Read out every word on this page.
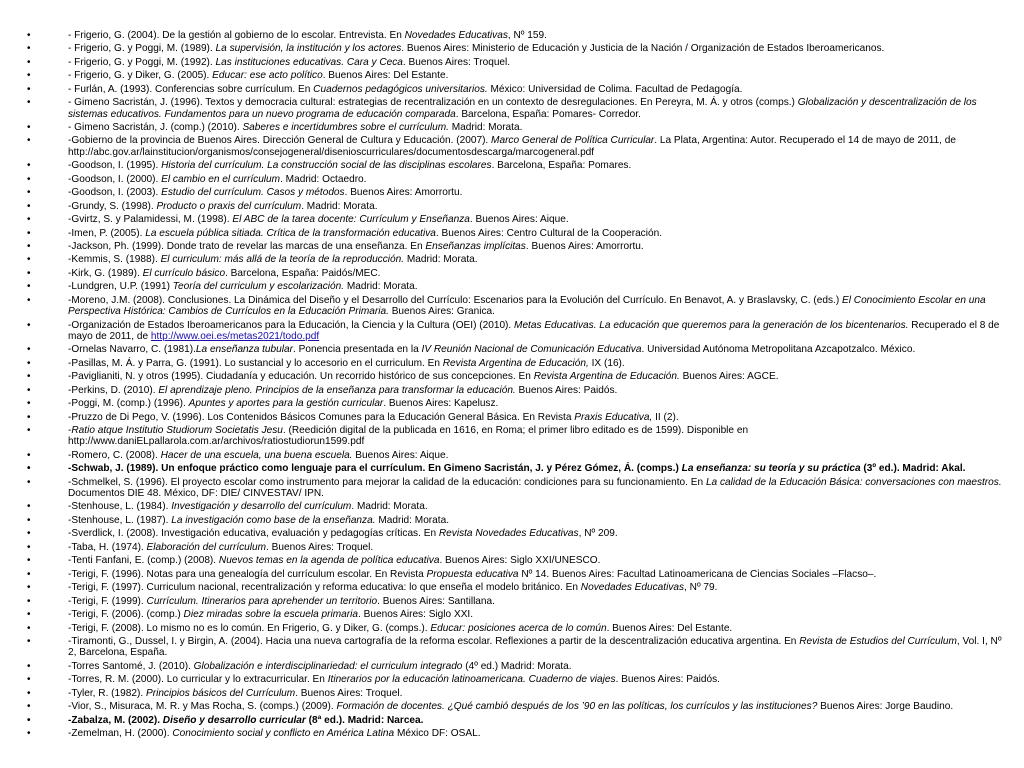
•	- Frigerio, G. (2004). De la gestión al gobierno de lo escolar. Entrevista. En Novedades Educativas, Nº 159.
•	- Frigerio, G. y Poggi, M. (1989). La supervisión, la institución y los actores. Buenos Aires: Ministerio de Educación y Justicia de la Nación / Organización de Estados Iberoamericanos.
•	- Frigerio, G. y Poggi, M. (1992). Las instituciones educativas. Cara y Ceca. Buenos Aires: Troquel.
•	- Frigerio, G. y Diker, G. (2005). Educar: ese acto político. Buenos Aires: Del Estante.
•	- Furlán, A. (1993). Conferencias sobre currículum. En Cuadernos pedagógicos universitarios. México: Universidad de Colima. Facultad de Pedagogía.
•	- Gimeno Sacristán, J. (1996). Textos y democracia cultural: estrategias de recentralización en un contexto de desregulaciones. En Pereyra, M. Á. y otros (comps.) Globalización y descentralización de los sistemas educativos. Fundamentos para un nuevo programa de educación comparada. Barcelona, España: Pomares- Corredor.
•	- Gimeno Sacristán, J. (comp.) (2010). Saberes e incertidumbres sobre el currículum. Madrid: Morata.
•	-Gobierno de la provincia de Buenos Aires. Dirección General de Cultura y Educación. (2007). Marco General de Política Curricular. La Plata, Argentina: Autor. Recuperado el 14 de mayo de 2011, de http://abc.gov.ar/lainstitucion/organismos/consejogeneral/disenioscurriculares/documentosdescarga/marcogeneral.pdf
•	-Goodson, I. (1995). Historia del currículum. La construcción social de las disciplinas escolares. Barcelona, España: Pomares.
•	-Goodson, I. (2000). El cambio en el currículum. Madrid: Octaedro.
•	-Goodson, I. (2003). Estudio del currículum. Casos y métodos. Buenos Aires: Amorrortu.
•	-Grundy, S. (1998). Producto o praxis del currículum. Madrid: Morata.
•	-Gvirtz, S. y Palamidessi, M. (1998). El ABC de la tarea docente: Currículum y Enseñanza. Buenos Aires: Aique.
•	-Imen, P. (2005). La escuela pública sitiada. Crítica de la transformación educativa. Buenos Aires: Centro Cultural de la Cooperación.
•	-Jackson, Ph. (1999). Donde trato de revelar las marcas de una enseñanza. En Enseñanzas implícitas. Buenos Aires: Amorrortu.
•	-Kemmis, S. (1988). El curriculum: más allá de la teoría de la reproducción. Madrid: Morata.
•	-Kirk, G. (1989). El currículo básico. Barcelona, España: Paidós/MEC.
•	-Lundgren, U.P. (1991) Teoría del curriculum y escolarización. Madrid: Morata.
•	-Moreno, J.M. (2008). Conclusiones. La Dinámica del Diseño y el Desarrollo del Currículo: Escenarios para la Evolución del Currículo. En Benavot, A. y Braslavsky, C. (eds.) El Conocimiento Escolar en una Perspectiva Histórica: Cambios de Currículos en la Educación Primaria. Buenos Aires: Granica.
•	-Organización de Estados Iberoamericanos para la Educación, la Ciencia y la Cultura (OEI) (2010). Metas Educativas. La educación que queremos para la generación de los bicentenarios. Recuperado el 8 de mayo de 2011, de http://www.oei.es/metas2021/todo.pdf
•	-Ornelas Navarro, C. (1981).La enseñanza tubular. Ponencia presentada en la IV Reunión Nacional de Comunicación Educativa. Universidad Autónoma Metropolitana Azcapotzalco. México.
•	-Pasillas, M. Á. y Parra, G. (1991). Lo sustancial y lo accesorio en el curriculum. En Revista Argentina de Educación, IX (16).
•	-Paviglianiti, N. y otros (1995). Ciudadanía y educación. Un recorrido histórico de sus concepciones. En Revista Argentina de Educación. Buenos Aires: AGCE.
•	-Perkins, D. (2010). El aprendizaje pleno. Principios de la enseñanza para transformar la educación. Buenos Aires: Paidós.
•	-Poggi, M. (comp.) (1996). Apuntes y aportes para la gestión curricular. Buenos Aires: Kapelusz.
•	-Pruzzo de Di Pego, V. (1996). Los Contenidos Básicos Comunes para la Educación General Básica. En Revista Praxis Educativa, II (2).
•	-Ratio atque Institutio Studiorum Societatis Jesu. (Reedición digital de la publicada en 1616, en Roma; el primer libro editado es de 1599). Disponible en http://www.daniELpallarola.com.ar/archivos/ratiostudiorun1599.pdf
•	-Romero, C. (2008). Hacer de una escuela, una buena escuela. Buenos Aires: Aique.
•	-Schwab, J. (1989). Un enfoque práctico como lenguaje para el currículum. En Gimeno Sacristán, J. y Pérez Gómez, Á. (comps.) La enseñanza: su teoría y su práctica (3º ed.). Madrid: Akal.
•	-Schmelkel, S. (1996). El proyecto escolar como instrumento para mejorar la calidad de la educación: condiciones para su funcionamiento. En La calidad de la Educación Básica: conversaciones con maestros. Documentos DIE 48. México, DF: DIE/ CINVESTAV/ IPN.
•	-Stenhouse, L. (1984). Investigación y desarrollo del currículum. Madrid: Morata.
•	-Stenhouse, L. (1987). La investigación como base de la enseñanza. Madrid: Morata.
•	-Sverdlick, I. (2008). Investigación educativa, evaluación y pedagogías críticas. En Revista Novedades Educativas, Nº 209.
•	-Taba, H. (1974). Elaboración del currículum. Buenos Aires: Troquel.
•	-Tenti Fanfani, E. (comp.) (2008). Nuevos temas en la agenda de política educativa. Buenos Aires: Siglo XXI/UNESCO.
•	-Terigi, F. (1996). Notas para una genealogía del currículum escolar. En Revista Propuesta educativa Nº 14. Buenos Aires: Facultad Latinoamericana de Ciencias Sociales –Flacso–.
•	-Terigi, F. (1997). Curriculum nacional, recentralización y reforma educativa: lo que enseña el modelo británico. En Novedades Educativas, Nº 79.
•	-Terigi, F. (1999). Currículum. Itinerarios para aprehender un territorio. Buenos Aires: Santillana.
•	-Terigi, F. (2006). (comp.) Diez miradas sobre la escuela primaria. Buenos Aires: Siglo XXI.
•	-Terigi, F. (2008). Lo mismo no es lo común. En Frigerio, G. y Diker, G. (comps.). Educar: posiciones acerca de lo común. Buenos Aires: Del Estante.
•	-Tiramonti, G., Dussel, I. y Birgin, A. (2004). Hacia una nueva cartografía de la reforma escolar. Reflexiones a partir de la descentralización educativa argentina. En Revista de Estudios del Currículum, Vol. I, Nº 2, Barcelona, España.
•	-Torres Santomé, J. (2010). Globalización e interdisciplinariedad: el curriculum integrado (4º ed.) Madrid: Morata.
•	-Torres, R. M. (2000). Lo curricular y lo extracurricular. En Itinerarios por la educación latinoamericana. Cuaderno de viajes. Buenos Aires: Paidós.
•	-Tyler, R. (1982). Principios básicos del Currículum. Buenos Aires: Troquel.
•	-Vior, S., Misuraca, M. R. y Mas Rocha, S. (comps.) (2009). Formación de docentes. ¿Qué cambió después de los ’90 en las políticas, los currículos y las instituciones? Buenos Aires: Jorge Baudino.
•	-Zabalza, M. (2002). Diseño y desarrollo curricular (8ª ed.). Madrid: Narcea.
•	-Zemelman, H. (2000). Conocimiento social y conflicto en América Latina México DF: OSAL.
